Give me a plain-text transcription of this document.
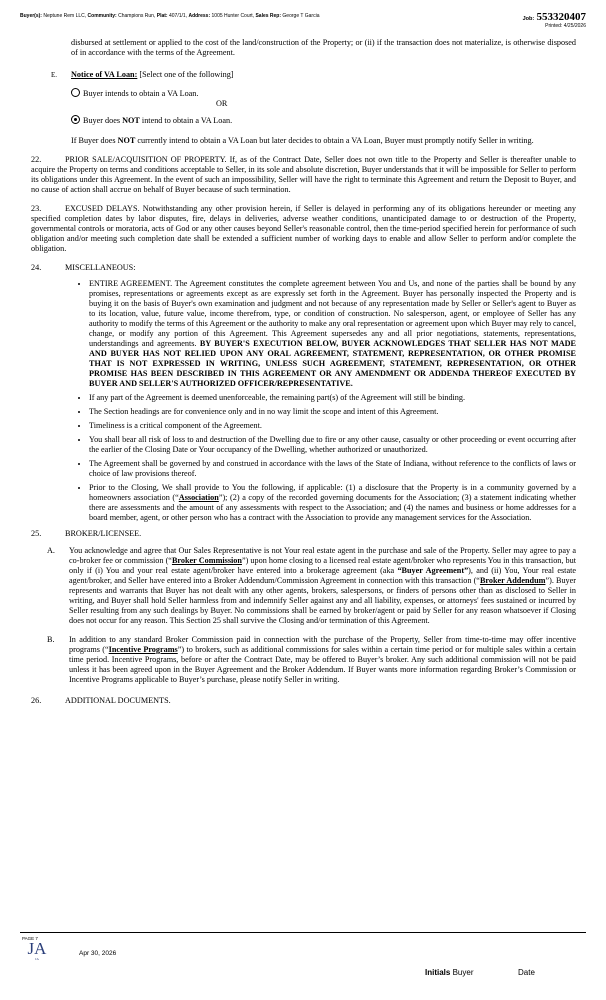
Buyer(s): Neptune Rem LLC, Community: Champions Run, Plat: 407/1/1, Address: 1005 Hunter Court, Sales Rep: George T Garcia	Job: 553320407
Printed: 4/25/2026

disbursed at settlement or applied to the cost of the land/construction of the Property; or (ii) if the transaction does not materialize, is otherwise disposed of in accordance with the terms of the Agreement.

E. Notice of VA Loan: [Select one of the following]
Buyer intends to obtain a VA Loan.
OR
Buyer does NOT intend to obtain a VA Loan.

If Buyer does NOT currently intend to obtain a VA Loan but later decides to obtain a VA Loan, Buyer must promptly notify Seller in writing.

22.	PRIOR SALE/ACQUISITION OF PROPERTY. If, as of the Contract Date, Seller does not own title to the Property and Seller is thereafter unable to acquire the Property on terms and conditions acceptable to Seller, in its sole and absolute discretion, Buyer understands that it will be impossible for Seller to perform its obligations under this Agreement. In the event of such an impossibility, Seller will have the right to terminate this Agreement and return the Deposit to Buyer, and no cause of action shall accrue on behalf of Buyer because of such termination.

23.	EXCUSED DELAYS. Notwithstanding any other provision herein, if Seller is delayed in performing any of its obligations hereunder or meeting any specified completion dates by labor disputes, fire, delays in deliveries, adverse weather conditions, unanticipated damage to or destruction of the Property, governmental controls or moratoria, acts of God or any other causes beyond Seller's reasonable control, then the time-period specified herein for performance of such obligation and/or meeting such completion date shall be extended a sufficient number of working days to enable and allow Seller to perform and/or complete the obligation.

24.	MISCELLANEOUS:

• ENTIRE AGREEMENT. The Agreement constitutes the complete agreement between You and Us, and none of the parties shall be bound by any promises, representations or agreements except as are expressly set forth in the Agreement. Buyer has personally inspected the Property and is buying it on the basis of Buyer's own examination and judgment and not because of any representation made by Seller or Seller's agent to Buyer as to its location, value, future value, income therefrom, type, or condition of construction. No salesperson, agent, or employee of Seller has any authority to modify the terms of this Agreement or the authority to make any oral representation or agreement upon which Buyer may rely to cancel, change, or modify any portion of this Agreement. This Agreement supersedes any and all prior negotiations, statements, representations, understandings and agreements. BY BUYER'S EXECUTION BELOW, BUYER ACKNOWLEDGES THAT SELLER HAS NOT MADE AND BUYER HAS NOT RELIED UPON ANY ORAL AGREEMENT, STATEMENT, REPRESENTATION, OR OTHER PROMISE THAT IS NOT EXPRESSED IN WRITING, UNLESS SUCH AGREEMENT, STATEMENT, REPRESENTATION, OR OTHER PROMISE HAS BEEN DESCRIBED IN THIS AGREEMENT OR ANY AMENDMENT OR ADDENDA THEREOF EXECUTED BY BUYER AND SELLER'S AUTHORIZED OFFICER/REPRESENTATIVE.
• If any part of the Agreement is deemed unenforceable, the remaining part(s) of the Agreement will still be binding.
• The Section headings are for convenience only and in no way limit the scope and intent of this Agreement.
• Timeliness is a critical component of the Agreement.
• You shall bear all risk of loss to and destruction of the Dwelling due to fire or any other cause, casualty or other proceeding or event occurring after the earlier of the Closing Date or Your occupancy of the Dwelling, whether authorized or unauthorized.
• The Agreement shall be governed by and construed in accordance with the laws of the State of Indiana, without reference to the conflicts of laws or choice of law provisions thereof.
• Prior to the Closing, We shall provide to You the following, if applicable: (1) a disclosure that the Property is in a community governed by a homeowners association (“Association”); (2) a copy of the recorded governing documents for the Association; (3) a statement indicating whether there are assessments and the amount of any assessments with respect to the Association; and (4) the names and business or home addresses for a board member, agent, or other person who has a contract with the Association to provide any management services for the Association.

25.	BROKER/LICENSEE.

A.	You acknowledge and agree that Our Sales Representative is not Your real estate agent in the purchase and sale of the Property. Seller may agree to pay a co-broker fee or commission (“Broker Commission”) upon home closing to a licensed real estate agent/broker who represents You in this transaction, but only if (i) You and your real estate agent/broker have entered into a brokerage agreement (aka “Buyer Agreement”), and (ii) You, Your real estate agent/broker, and Seller have entered into a Broker Addendum/Commission Agreement in connection with this transaction (“Broker Addendum”). Buyer represents and warrants that Buyer has not dealt with any other agents, brokers, salespersons, or finders of persons other than as disclosed to Seller in writing, and Buyer shall hold Seller harmless from and indemnify Seller against any and all liability, expenses, or attorneys' fees sustained or incurred by Seller resulting from any such dealings by Buyer. No commissions shall be earned by broker/agent or paid by Seller for any reason whatsoever if Closing does not occur for any reason. This Section 25 shall survive the Closing and/or termination of this Agreement.

B.	In addition to any standard Broker Commission paid in connection with the purchase of the Property, Seller from time-to-time may offer incentive programs (“Incentive Programs”) to brokers, such as additional commissions for sales within a certain time period or for multiple sales within a certain time period. Incentive Programs, before or after the Contract Date, may be offered to Buyer’s broker. Any such additional commission will not be paid unless it has been agreed upon in the Buyer Agreement and the Broker Addendum. If Buyer wants more information regarding Broker’s Commission or Incentive Programs applicable to Buyer’s purchase, please notify Seller in writing.

26.	ADDITIONAL DOCUMENTS.

PAGE 7
JA
JA
Apr 30, 2026
Initials Buyer	Date
